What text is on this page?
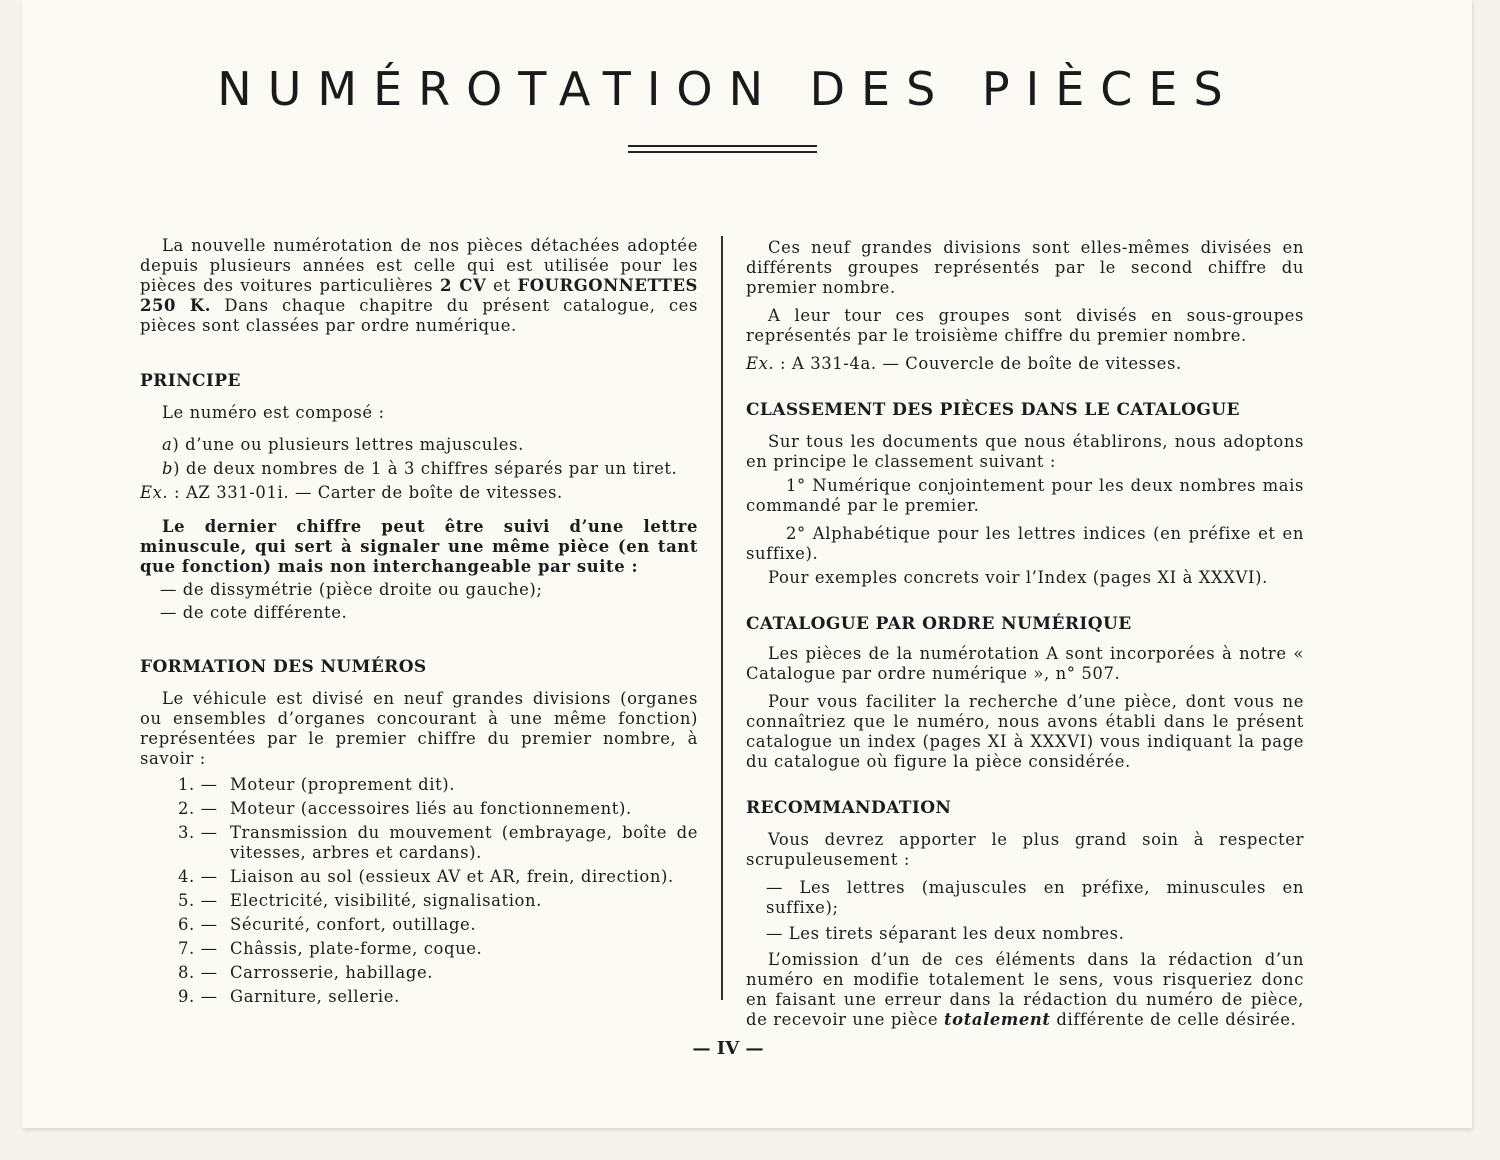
NUMÉROTATION DES PIÈCES

La nouvelle numérotation de nos pièces détachées adoptée depuis plusieurs années est celle qui est utilisée pour les pièces des voitures particulières 2 CV et FOURGONNETTES 250 K. Dans chaque chapitre du présent catalogue, ces pièces sont classées par ordre numérique.

PRINCIPE

Le numéro est composé :

a) d’une ou plusieurs lettres majuscules.

b) de deux nombres de 1 à 3 chiffres séparés par un tiret.

Ex. : AZ 331-01i. — Carter de boîte de vitesses.

Le dernier chiffre peut être suivi d’une lettre minuscule, qui sert à signaler une même pièce (en tant que fonction) mais non interchangeable par suite :

— de dissymétrie (pièce droite ou gauche);

— de cote différente.

FORMATION DES NUMÉROS

Le véhicule est divisé en neuf grandes divisions (organes ou ensembles d’organes concourant à une même fonction) représentées par le premier chiffre du premier nombre, à savoir :

1. — Moteur (proprement dit).
2. — Moteur (accessoires liés au fonctionnement).
3. — Transmission du mouvement (embrayage, boîte de vitesses, arbres et cardans).
4. — Liaison au sol (essieux AV et AR, frein, direction).
5. — Electricité, visibilité, signalisation.
6. — Sécurité, confort, outillage.
7. — Châssis, plate-forme, coque.
8. — Carrosserie, habillage.
9. — Garniture, sellerie.

Ces neuf grandes divisions sont elles-mêmes divisées en différents groupes représentés par le second chiffre du premier nombre.

A leur tour ces groupes sont divisés en sous-groupes représentés par le troisième chiffre du premier nombre.

Ex. : A 331-4a. — Couvercle de boîte de vitesses.

CLASSEMENT DES PIÈCES DANS LE CATALOGUE

Sur tous les documents que nous établirons, nous adoptons en principe le classement suivant :

1° Numérique conjointement pour les deux nombres mais commandé par le premier.

2° Alphabétique pour les lettres indices (en préfixe et en suffixe).

Pour exemples concrets voir l’Index (pages XI à XXXVI).

CATALOGUE PAR ORDRE NUMÉRIQUE

Les pièces de la numérotation A sont incorporées à notre « Catalogue par ordre numérique », n° 507.

Pour vous faciliter la recherche d’une pièce, dont vous ne connaîtriez que le numéro, nous avons établi dans le présent catalogue un index (pages XI à XXXVI) vous indiquant la page du catalogue où figure la pièce considérée.

RECOMMANDATION

Vous devrez apporter le plus grand soin à respecter scrupuleusement :

— Les lettres (majuscules en préfixe, minuscules en suffixe);

— Les tirets séparant les deux nombres.

L’omission d’un de ces éléments dans la rédaction d’un numéro en modifie totalement le sens, vous risqueriez donc en faisant une erreur dans la rédaction du numéro de pièce, de recevoir une pièce totalement différente de celle désirée.

— IV —
